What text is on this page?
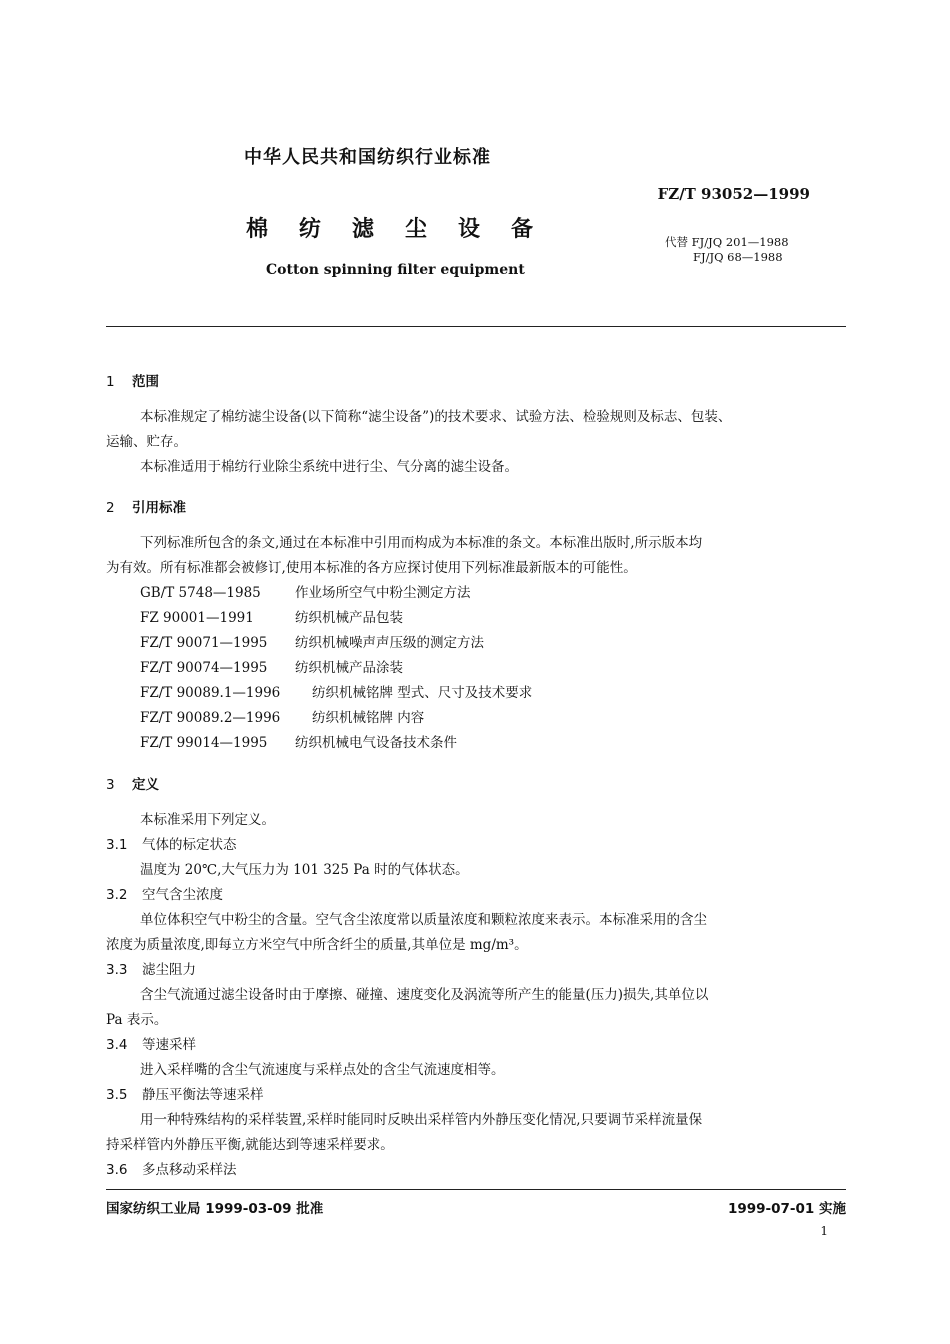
中华人民共和国纺织行业标准
FZ/T 93052—1999
棉纺滤尘设备	代替 FJ/JQ 201—1988
FJ/JQ 68—1988
Cotton spinning filter equipment
1 范围
本标准规定了棉纺滤尘设备(以下简称“滤尘设备”)的技术要求、试验方法、检验规则及标志、包装、
运输、贮存。
本标准适用于棉纺行业除尘系统中进行尘、气分离的滤尘设备。
2 引用标准
下列标准所包含的条文,通过在本标准中引用而构成为本标准的条文。本标准出版时,所示版本均
为有效。所有标准都会被修订,使用本标准的各方应探讨使用下列标准最新版本的可能性。
GB/T 5748—1985	作业场所空气中粉尘测定方法
FZ 90001—1991	纺织机械产品包装
FZ/T 90071—1995 纺织机械噪声声压级的测定方法
FZ/T 90074—1995 纺织机械产品涂装
FZ/T 90089.1—1996 纺织机械铭牌 型式、尺寸及技术要求
FZ/T 90089.2—1996 纺织机械铭牌 内容
FZ/T 99014—1995 纺织机械电气设备技术条件
3 定义
本标准采用下列定义。
3.1 气体的标定状态
温度为 20℃,大气压力为 101 325 Pa 时的气体状态。
3.2 空气含尘浓度
单位体积空气中粉尘的含量。空气含尘浓度常以质量浓度和颗粒浓度来表示。本标准采用的含尘
浓度为质量浓度,即每立方米空气中所含纤尘的质量,其单位是 mg/m³。
3.3 滤尘阻力
含尘气流通过滤尘设备时由于摩擦、碰撞、速度变化及涡流等所产生的能量(压力)损失,其单位以
Pa 表示。
3.4 等速采样
进入采样嘴的含尘气流速度与采样点处的含尘气流速度相等。
3.5 静压平衡法等速采样
用一种特殊结构的采样装置,采样时能同时反映出采样管内外静压变化情况,只要调节采样流量保
持采样管内外静压平衡,就能达到等速采样要求。
3.6 多点移动采样法
国家纺织工业局 1999-03-09 批准	1999-07-01 实施
1
